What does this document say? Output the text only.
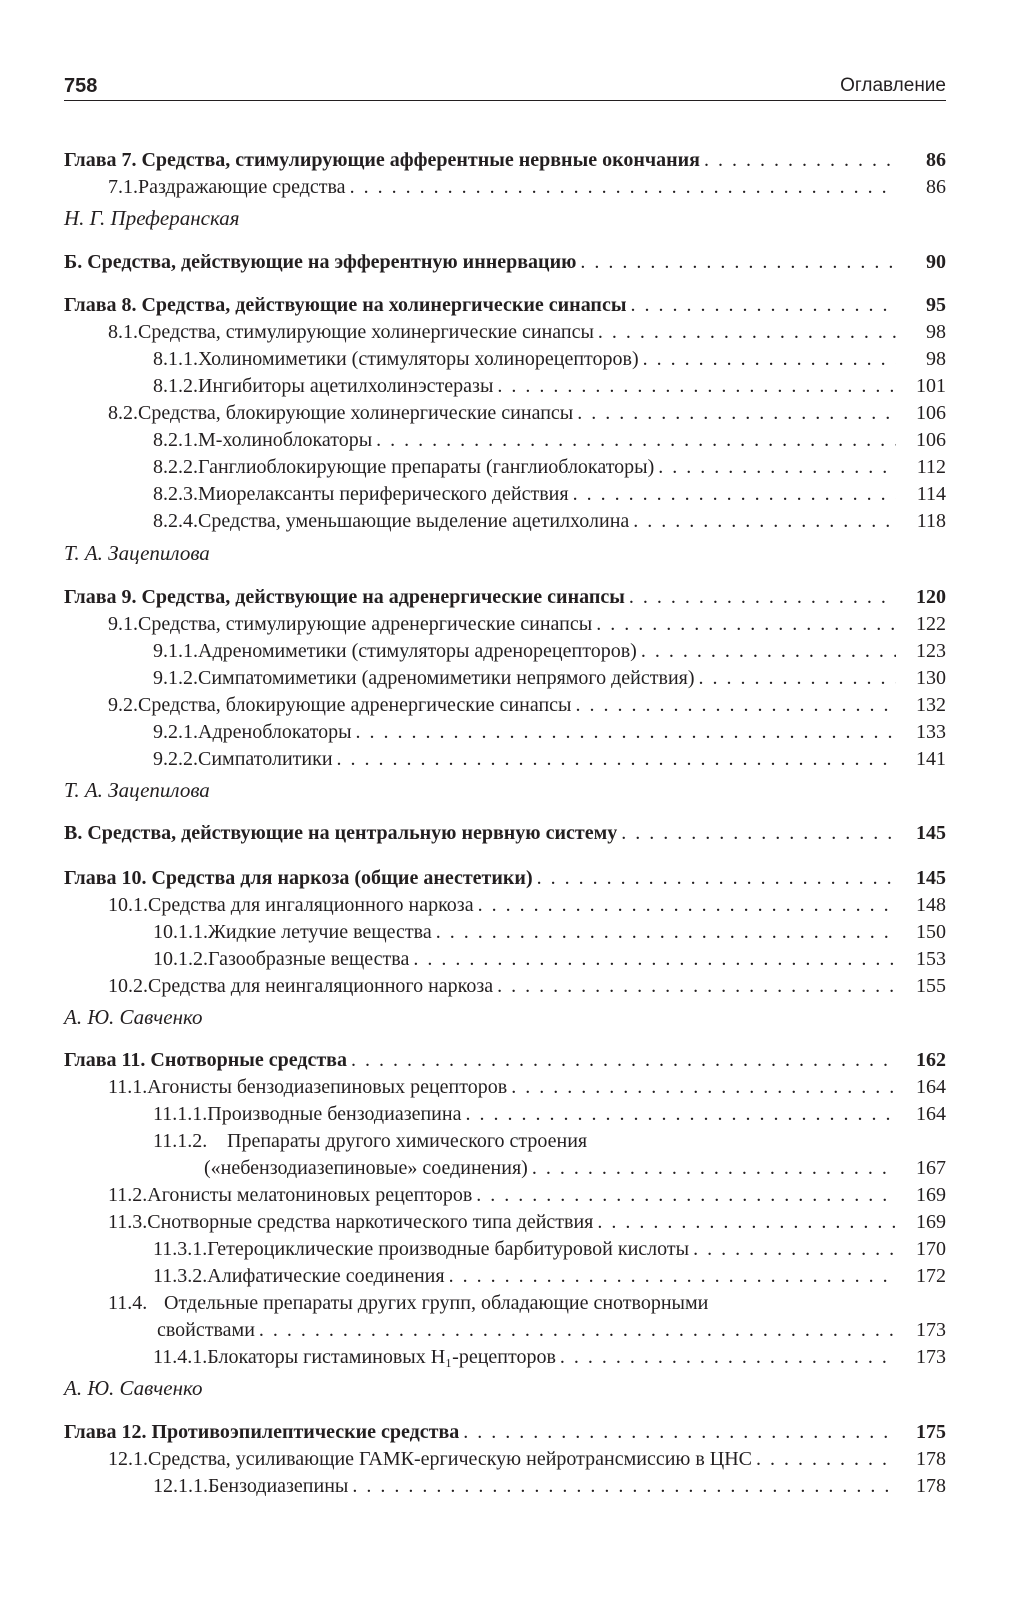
758	Оглавление
Глава 7. Средства, стимулирующие афферентные нервные окончания . . .	86
7.1. Раздражающие средства . . .	86
Н. Г. Преферанская
Б. Средства, действующие на эфферентную иннервацию . . .	90
Глава 8. Средства, действующие на холинергические синапсы . . .	95
8.1. Средства, стимулирующие холинергические синапсы . . .	98
8.1.1. Холиномиметики (стимуляторы холинорецепторов) . . .	98
8.1.2. Ингибиторы ацетилхолинэстеразы . . .	101
8.2. Средства, блокирующие холинергические синапсы . . .	106
8.2.1. М-холиноблокаторы . . .	106
8.2.2. Ганглиоблокирующие препараты (ганглиоблокаторы) . . .	112
8.2.3. Миорелаксанты периферического действия . . .	114
8.2.4. Средства, уменьшающие выделение ацетилхолина . . .	118
Т. А. Зацепилова
Глава 9. Средства, действующие на адренергические синапсы . . .	120
9.1. Средства, стимулирующие адренергические синапсы . . .	122
9.1.1. Адреномиметики (стимуляторы адренорецепторов) . . .	123
9.1.2. Симпатомиметики (адреномиметики непрямого действия) . . .	130
9.2. Средства, блокирующие адренергические синапсы . . .	132
9.2.1. Адреноблокаторы . . .	133
9.2.2. Симпатолитики . . .	141
Т. А. Зацепилова
В. Средства, действующие на центральную нервную систему . . .	145
Глава 10. Средства для наркоза (общие анестетики) . . .	145
10.1. Средства для ингаляционного наркоза . . .	148
10.1.1. Жидкие летучие вещества . . .	150
10.1.2. Газообразные вещества . . .	153
10.2. Средства для неингаляционного наркоза . . .	155
А. Ю. Савченко
Глава 11. Снотворные средства . . .	162
11.1. Агонисты бензодиазепиновых рецепторов . . .	164
11.1.1. Производные бензодиазепина . . .	164
11.1.2. Препараты другого химического строения
(«небензодиазепиновые» соединения) . . .	167
11.2. Агонисты мелатониновых рецепторов . . .	169
11.3. Снотворные средства наркотического типа действия . . .	169
11.3.1. Гетероциклические производные барбитуровой кислоты . . .	170
11.3.2. Алифатические соединения . . .	172
11.4. Отдельные препараты других групп, обладающие снотворными
свойствами . . .	173
11.4.1. Блокаторы гистаминовых H₁-рецепторов . . .	173
А. Ю. Савченко
Глава 12. Противоэпилептические средства . . .	175
12.1. Средства, усиливающие ГАМК-ергическую нейротрансмиссию в ЦНС . . .	178
12.1.1. Бензодиазепины . . .	178
